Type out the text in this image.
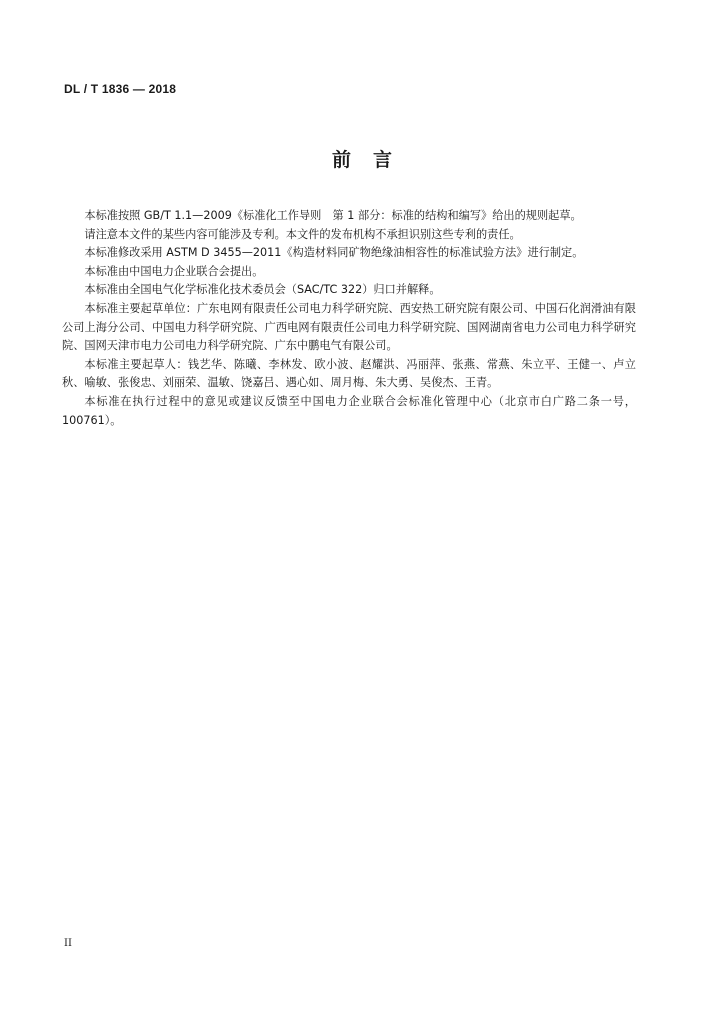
DL / T 1836 — 2018
前言

本标准按照 GB/T 1.1—2009《标准化工作导则　第 1 部分：标准的结构和编写》给出的规则起草。

请注意本文件的某些内容可能涉及专利。本文件的发布机构不承担识别这些专利的责任。

本标准修改采用 ASTM D 3455—2011《构造材料同矿物绝缘油相容性的标准试验方法》进行制定。

本标准由中国电力企业联合会提出。

本标准由全国电气化学标准化技术委员会（SAC/TC 322）归口并解释。

本标准主要起草单位：广东电网有限责任公司电力科学研究院、西安热工研究院有限公司、中国石化润滑油有限公司上海分公司、中国电力科学研究院、广西电网有限责任公司电力科学研究院、国网湖南省电力公司电力科学研究院、国网天津市电力公司电力科学研究院、广东中鹏电气有限公司。

本标准主要起草人：钱艺华、陈曦、李林发、欧小波、赵耀洪、冯丽萍、张燕、常燕、朱立平、王健一、卢立秋、喻敏、张俊忠、刘丽荣、温敏、饶嘉吕、遇心如、周月梅、朱大勇、吴俊杰、王青。

本标准在执行过程中的意见或建议反馈至中国电力企业联合会标准化管理中心（北京市白广路二条一号，100761）。

II
